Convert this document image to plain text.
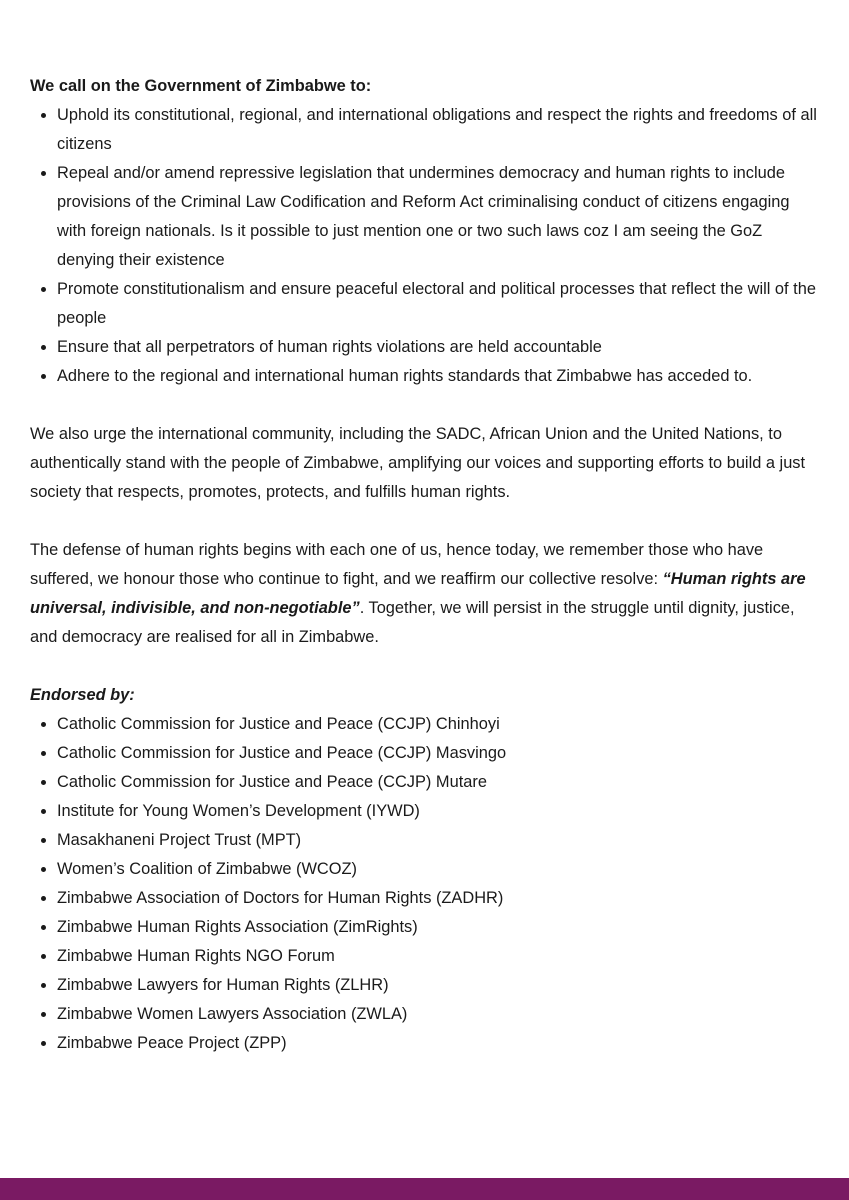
We call on the Government of Zimbabwe to:

• Uphold its constitutional, regional, and international obligations and respect the rights and freedoms of all citizens
• Repeal and/or amend repressive legislation that undermines democracy and human rights to include provisions of the Criminal Law Codification and Reform Act criminalising conduct of citizens engaging with foreign nationals. Is it possible to just mention one or two such laws coz I am seeing the GoZ denying their existence
• Promote constitutionalism and ensure peaceful electoral and political processes that reflect the will of the people
• Ensure that all perpetrators of human rights violations are held accountable
• Adhere to the regional and international human rights standards that Zimbabwe has acceded to.

We also urge the international community, including the SADC, African Union and the United Nations, to authentically stand with the people of Zimbabwe, amplifying our voices and supporting efforts to build a just society that respects, promotes, protects, and fulfills human rights.

The defense of human rights begins with each one of us, hence today, we remember those who have suffered, we honour those who continue to fight, and we reaffirm our collective resolve: “Human rights are universal, indivisible, and non-negotiable”. Together, we will persist in the struggle until dignity, justice, and democracy are realised for all in Zimbabwe.

Endorsed by:

• Catholic Commission for Justice and Peace (CCJP) Chinhoyi
• Catholic Commission for Justice and Peace (CCJP) Masvingo
• Catholic Commission for Justice and Peace (CCJP) Mutare
• Institute for Young Women’s Development (IYWD)
• Masakhaneni Project Trust (MPT)
• Women’s Coalition of Zimbabwe (WCOZ)
• Zimbabwe Association of Doctors for Human Rights (ZADHR)
• Zimbabwe Human Rights Association (ZimRights)
• Zimbabwe Human Rights NGO Forum
• Zimbabwe Lawyers for Human Rights (ZLHR)
• Zimbabwe Women Lawyers Association (ZWLA)
• Zimbabwe Peace Project (ZPP)
